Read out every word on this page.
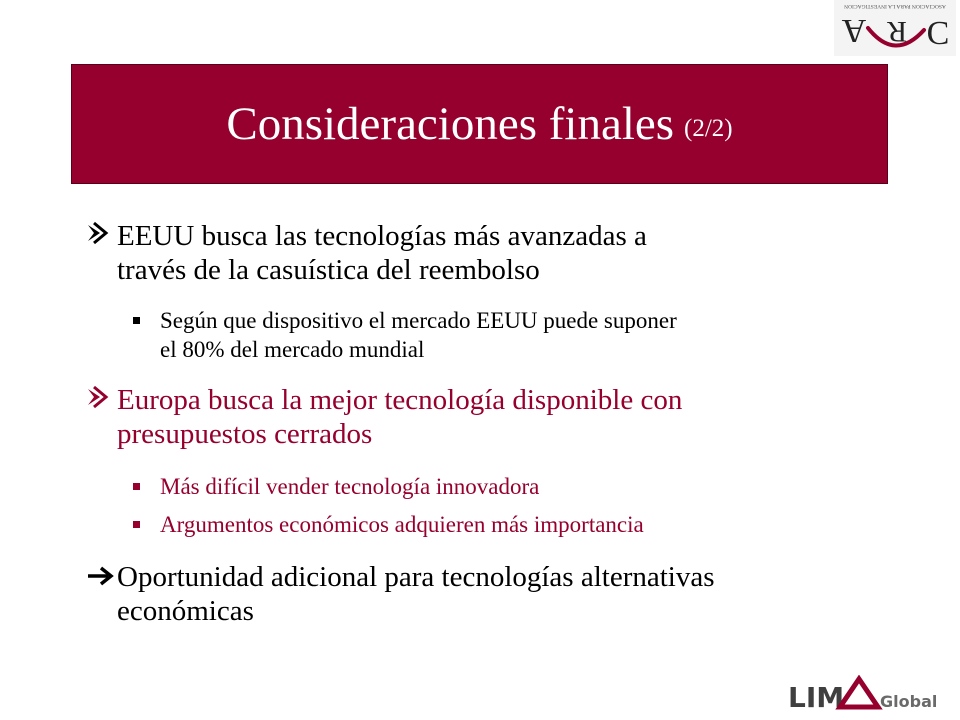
ASOCIACION PARA LA INVESTIGACION
A R C
Consideraciones finales (2/2)
EEUU busca las tecnologías más avanzadas a
través de la casuística del reembolso
Según que dispositivo el mercado EEUU puede suponer
el 80% del mercado mundial
Europa busca la mejor tecnología disponible con
presupuestos cerrados
Más difícil vender tecnología innovadora
Argumentos económicos adquieren más importancia
Oportunidad adicional para tecnologías alternativas
económicas
LIM Global
